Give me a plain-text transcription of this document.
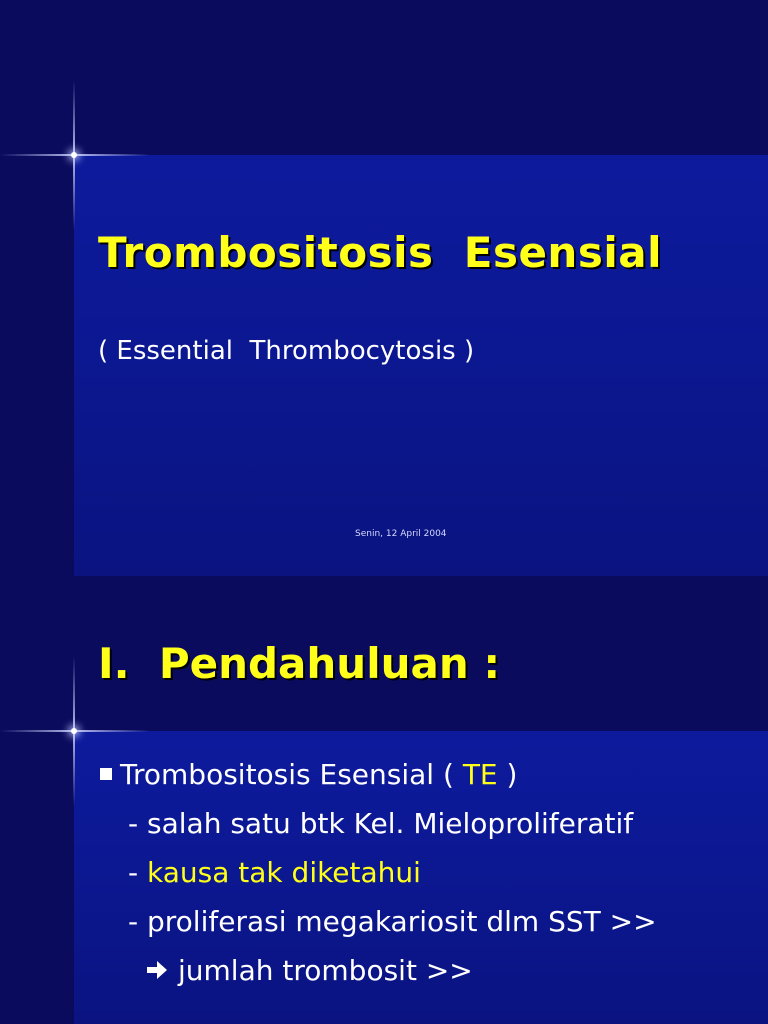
Trombositosis  Esensial

( Essential  Thrombocytosis )

Senin, 12 April 2004

I.  Pendahuluan :
Trombositosis Esensial ( TE )
- salah satu btk Kel. Mieloproliferatif
- kausa tak diketahui
- proliferasi megakariosit dlm SST >>
jumlah trombosit >>
